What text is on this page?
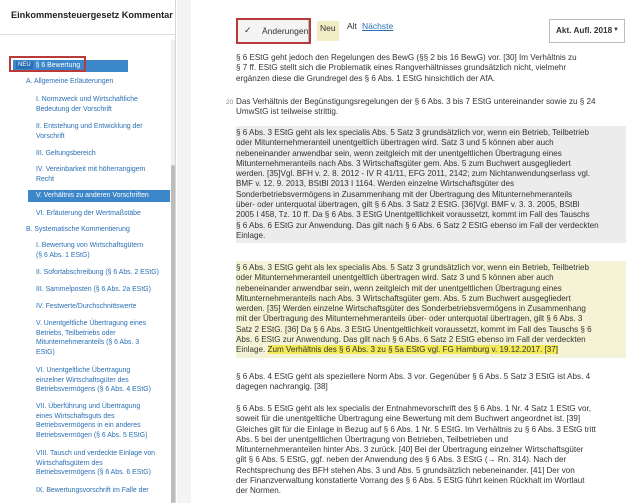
Einkommensteuergesetz Kommentar
NEU § 6 Bewertung
A. Allgemeine Erläuterungen
I. Normzweck und Wirtschaftliche
Bedeutung der Vorschrift
II. Entstehung und Entwicklung der
Vorschrift
III. Geltungsbereich
IV. Vereinbarkeit mit höherrangigem
Recht
V. Verhältnis zu anderen Vorschriften
VI. Erläuterung der Wertmaßstäbe
B. Systematische Kommentierung
I. Bewertung von Wirtschaftsgütern
(§ 6 Abs. 1 EStG)
II. Sofortabschreibung (§ 6 Abs. 2 EStG)
III. Sammelposten (§ 6 Abs. 2a EStG)
IV. Festwerte/Durchschnittswerte
V. Unentgeltliche Übertragung eines
Betriebs, Teilbetriebs oder
Mitunternehmeranteils (§ 6 Abs. 3
EStG)
VI. Unentgeltliche Übertragung
einzelner Wirtschaftsgüter des
Betriebsvermögens (§ 6 Abs. 4 EStG)
VII. Überführung und Übertragung
eines Wirtschaftsguts des
Betriebsvermögens in ein anderes
Betriebsvermögen (§ 6 Abs. 5 EStG)
VIII. Tausch und verdeckte Einlage von
Wirtschaftsgütern des
Betriebsvermögens (§ 6 Abs. 6 EStG)
IX. Bewertungsvorschrift im Falle der
✓ Änderungen	Neu	Alt Nächste	Akt. Aufl. 2018 ▼
§ 6 EStG geht jedoch den Regelungen des BewG (§§ 2 bis 16 BewG) vor. [30] Im Verhältnis zu
§ 7 ff. EStG stellt sich die Problematik eines Rangverhältnisses grundsätzlich nicht, vielmehr
ergänzen diese die Grundregel des § 6 Abs. 1 EStG hinsichtlich der AfA.
20 Das Verhältnis der Begünstigungsregelungen der § 6 Abs. 3 bis 7 EStG untereinander sowie zu § 24
UmwStG ist teilweise strittig.
§ 6 Abs. 3 EStG geht als lex specialis Abs. 5 Satz 3 grundsätzlich vor, wenn ein Betrieb, Teilbetrieb
oder Mitunternehmeranteil unentgeltlich übertragen wird. Satz 3 und 5 können aber auch
nebeneinander anwendbar sein, wenn zeitgleich mit der unentgeltlichen Übertragung eines
Mitunternehmeranteils nach Abs. 3 Wirtschaftsgüter gem. Abs. 5 zum Buchwert ausgegliedert
werden. [35]Vgl. BFH v. 2. 8. 2012 - IV R 41/11, EFG 2011, 2142; zum Nichtanwendungserlass vgl.
BMF v. 12. 9. 2013, BStBl 2013 I 1164. Werden einzelne Wirtschaftsgüter des
Sonderbetriebsvermögens in Zusammenhang mit der Übertragung des Mitunternehmeranteils
über- oder unterquotal übertragen, gilt § 6 Abs. 3 Satz 2 EStG. [36]Vgl. BMF v. 3. 3. 2005, BStBl
2005 I 458, Tz. 10 ff. Da § 6 Abs. 3 EStG Unentgeltlichkeit voraussetzt, kommt im Fall des Tauschs
§ 6 Abs. 6 EStG zur Anwendung. Das gilt nach § 6 Abs. 6 Satz 2 EStG ebenso im Fall der verdeckten
Einlage.
§ 6 Abs. 3 EStG geht als lex specialis Abs. 5 Satz 3 grundsätzlich vor, wenn ein Betrieb, Teilbetrieb
oder Mitunternehmeranteil unentgeltlich übertragen wird. Satz 3 und 5 können aber auch
nebeneinander anwendbar sein, wenn zeitgleich mit der unentgeltlichen Übertragung eines
Mitunternehmeranteils nach Abs. 3 Wirtschaftsgüter gem. Abs. 5 zum Buchwert ausgegliedert
werden. [35] Werden einzelne Wirtschaftsgüter des Sonderbetriebsvermögens in Zusammenhang
mit der Übertragung des Mitunternehmeranteils über- oder unterquotal übertragen, gilt § 6 Abs. 3
Satz 2 EStG. [36] Da § 6 Abs. 3 EStG Unentgeltlichkeit voraussetzt, kommt im Fall des Tauschs § 6
Abs. 6 EStG zur Anwendung. Das gilt nach § 6 Abs. 6 Satz 2 EStG ebenso im Fall der verdeckten
Einlage. Zum Verhältnis des § 6 Abs. 3 zu § 5a EStG vgl. FG Hamburg v. 19.12.2017. [37]
§ 6 Abs. 4 EStG geht als speziellere Norm Abs. 3 vor. Gegenüber § 6 Abs. 5 Satz 3 EStG ist Abs. 4
dagegen nachrangig. [38]
§ 6 Abs. 5 EStG geht als lex specialis der Entnahmevorschrift des § 6 Abs. 1 Nr. 4 Satz 1 EStG vor,
soweit für die unentgeltliche Übertragung eine Bewertung mit dem Buchwert angeordnet ist. [39]
Gleiches gilt für die Einlage in Bezug auf § 6 Abs. 1 Nr. 5 EStG. Im Verhältnis zu § 6 Abs. 3 EStG tritt
Abs. 5 bei der unentgeltlichen Übertragung von Betrieben, Teilbetrieben und
Mitunternehmeranteilen hinter Abs. 3 zurück. [40] Bei der Übertragung einzelner Wirtschaftsgüter
gilt § 6 Abs. 5 EStG, ggf. neben der Anwendung des § 6 Abs. 3 EStG (→ Rn. 314). Nach der
Rechtsprechung des BFH stehen Abs. 3 und Abs. 5 grundsätzlich nebeneinander. [41] Der von
der Finanzverwaltung konstatierte Vorrang des § 6 Abs. 5 EStG führt keinen Rückhalt im Wortlaut
der Normen.
